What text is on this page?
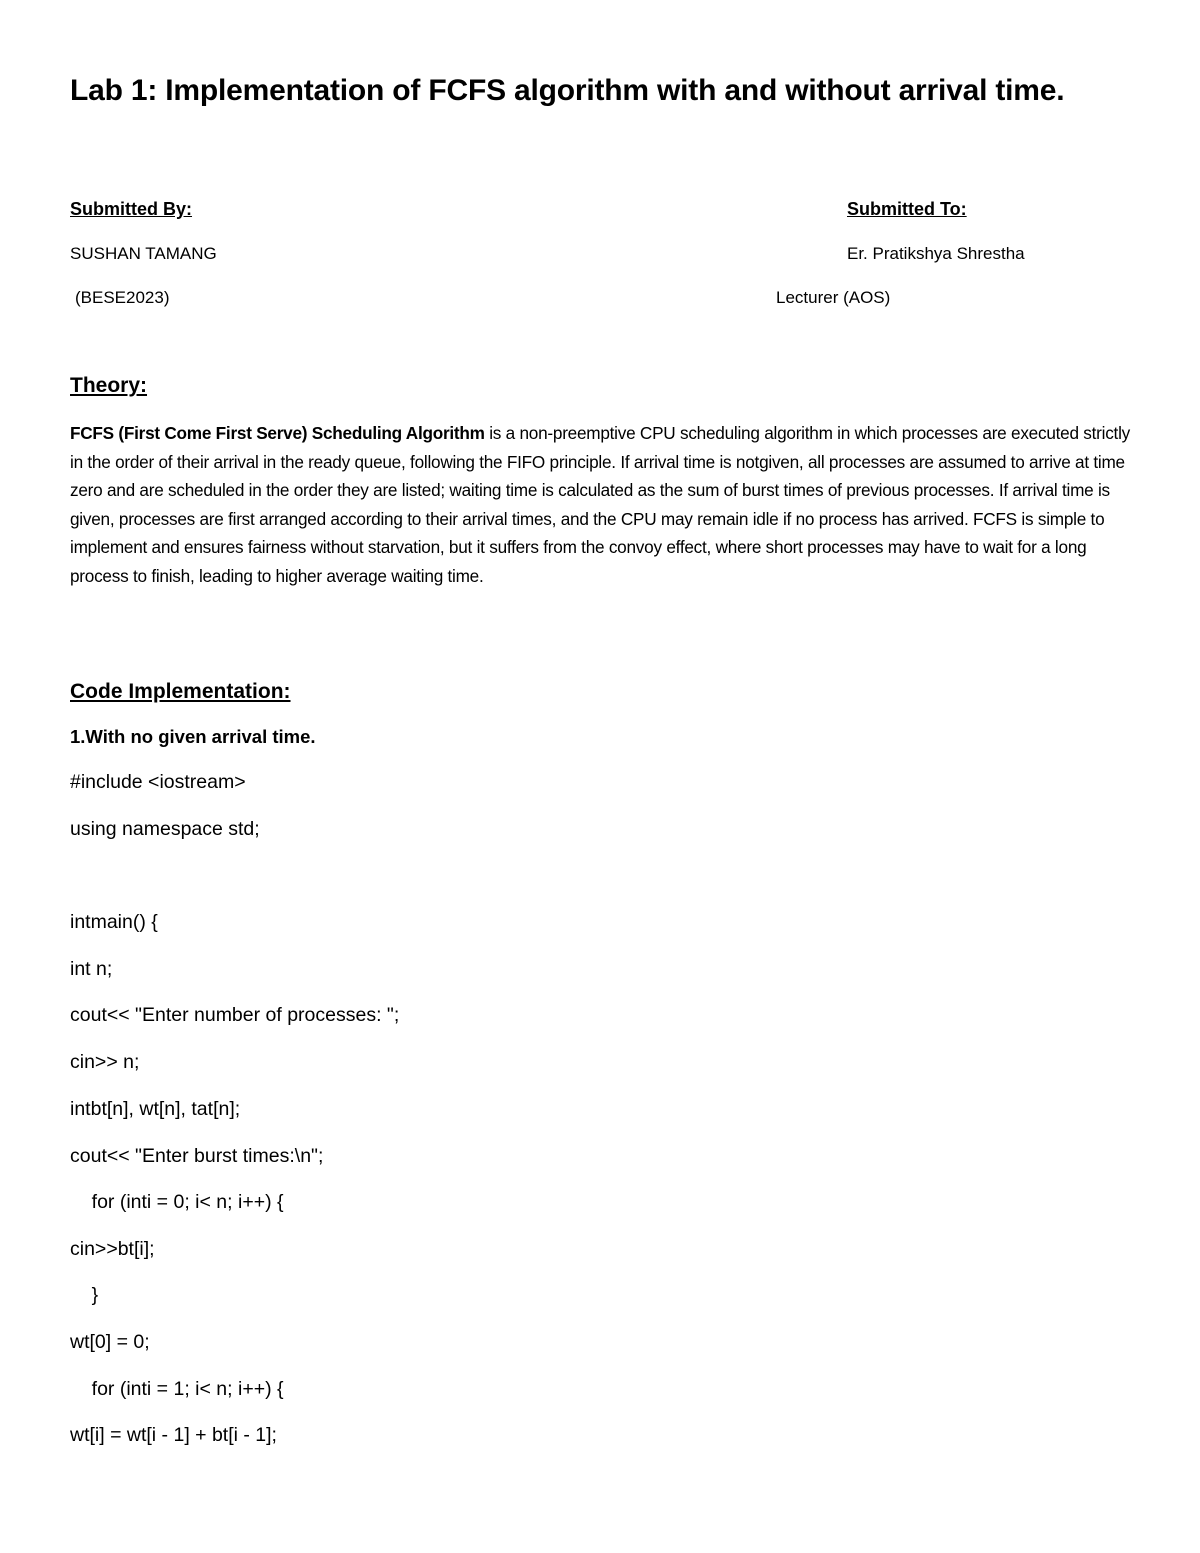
Lab 1: Implementation of FCFS algorithm with and without arrival time.
Submitted By:	Submitted To:
SUSHAN TAMANG	Er. Pratikshya Shrestha
(BESE2023)	Lecturer (AOS)
Theory:
FCFS (First Come First Serve) Scheduling Algorithm is a non-preemptive CPU scheduling algorithm in which processes are executed strictly in the order of their arrival in the ready queue, following the FIFO principle. If arrival time is notgiven, all processes are assumed to arrive at time zero and are scheduled in the order they are listed; waiting time is calculated as the sum of burst times of previous processes. If arrival time is given, processes are first arranged according to their arrival times, and the CPU may remain idle if no process has arrived. FCFS is simple to implement and ensures fairness without starvation, but it suffers from the convoy effect, where short processes may have to wait for a long process to finish, leading to higher average waiting time.
Code Implementation:
1.With no given arrival time.
#include <iostream>
using namespace std;
intmain() {
int n;
cout<< "Enter number of processes: ";
cin>> n;
intbt[n], wt[n], tat[n];
cout<< "Enter burst times:\n";
for (inti = 0; i< n; i++) {
cin>>bt[i];
}
wt[0] = 0;
for (inti = 1; i< n; i++) {
wt[i] = wt[i - 1] + bt[i - 1];
